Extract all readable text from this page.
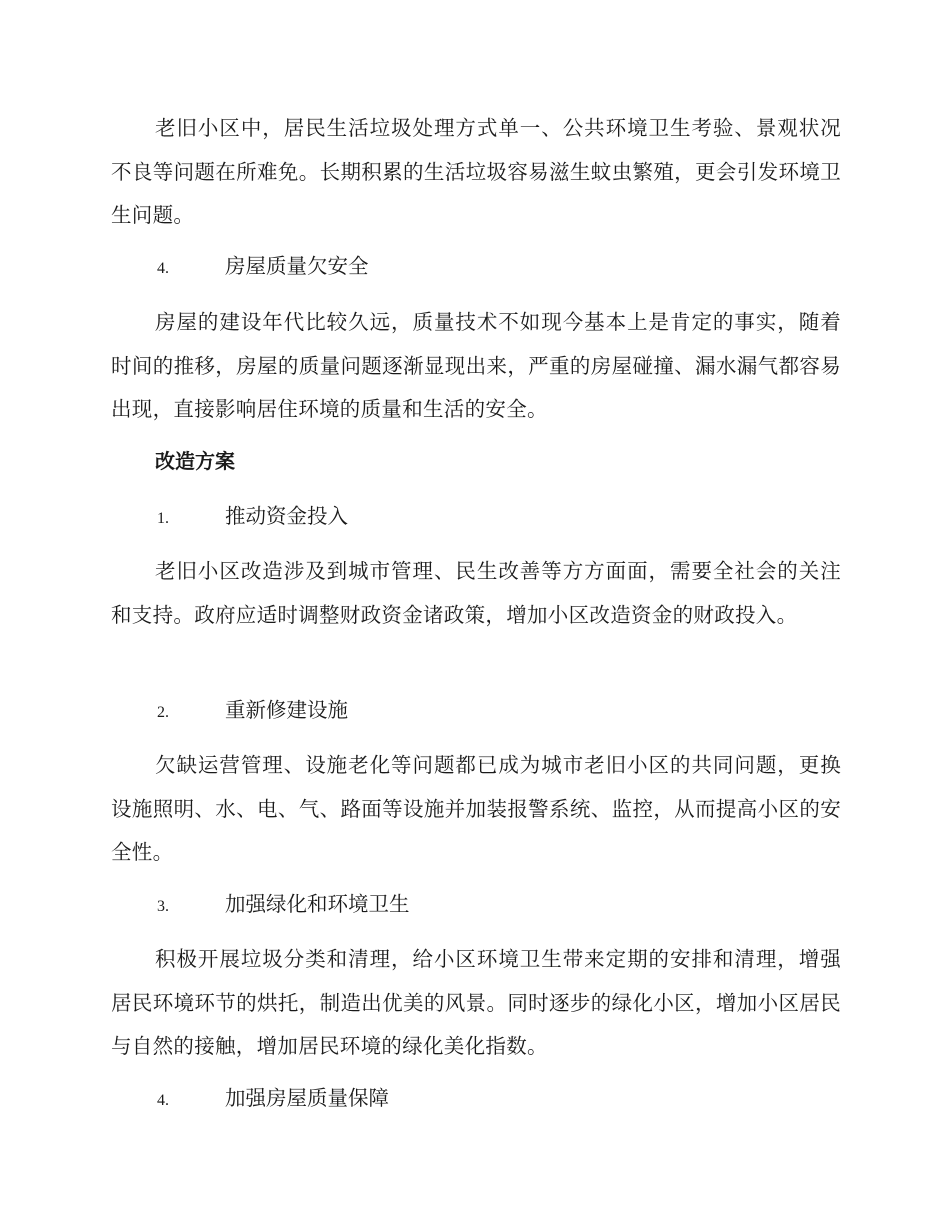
老旧小区中，居民生活垃圾处理方式单一、公共环境卫生考验、景观状况不良等问题在所难免。长期积累的生活垃圾容易滋生蚊虫繁殖，更会引发环境卫生问题。

4.	房屋质量欠安全

房屋的建设年代比较久远，质量技术不如现今基本上是肯定的事实，随着时间的推移，房屋的质量问题逐渐显现出来，严重的房屋碰撞、漏水漏气都容易出现，直接影响居住环境的质量和生活的安全。

改造方案
1.	推动资金投入

老旧小区改造涉及到城市管理、民生改善等方方面面，需要全社会的关注和支持。政府应适时调整财政资金诸政策，增加小区改造资金的财政投入。

2.	重新修建设施

欠缺运营管理、设施老化等问题都已成为城市老旧小区的共同问题，更换设施照明、水、电、气、路面等设施并加装报警系统、监控，从而提高小区的安全性。

3.	加强绿化和环境卫生

积极开展垃圾分类和清理，给小区环境卫生带来定期的安排和清理，增强居民环境环节的烘托，制造出优美的风景。同时逐步的绿化小区，增加小区居民与自然的接触，增加居民环境的绿化美化指数。

4.	加强房屋质量保障
